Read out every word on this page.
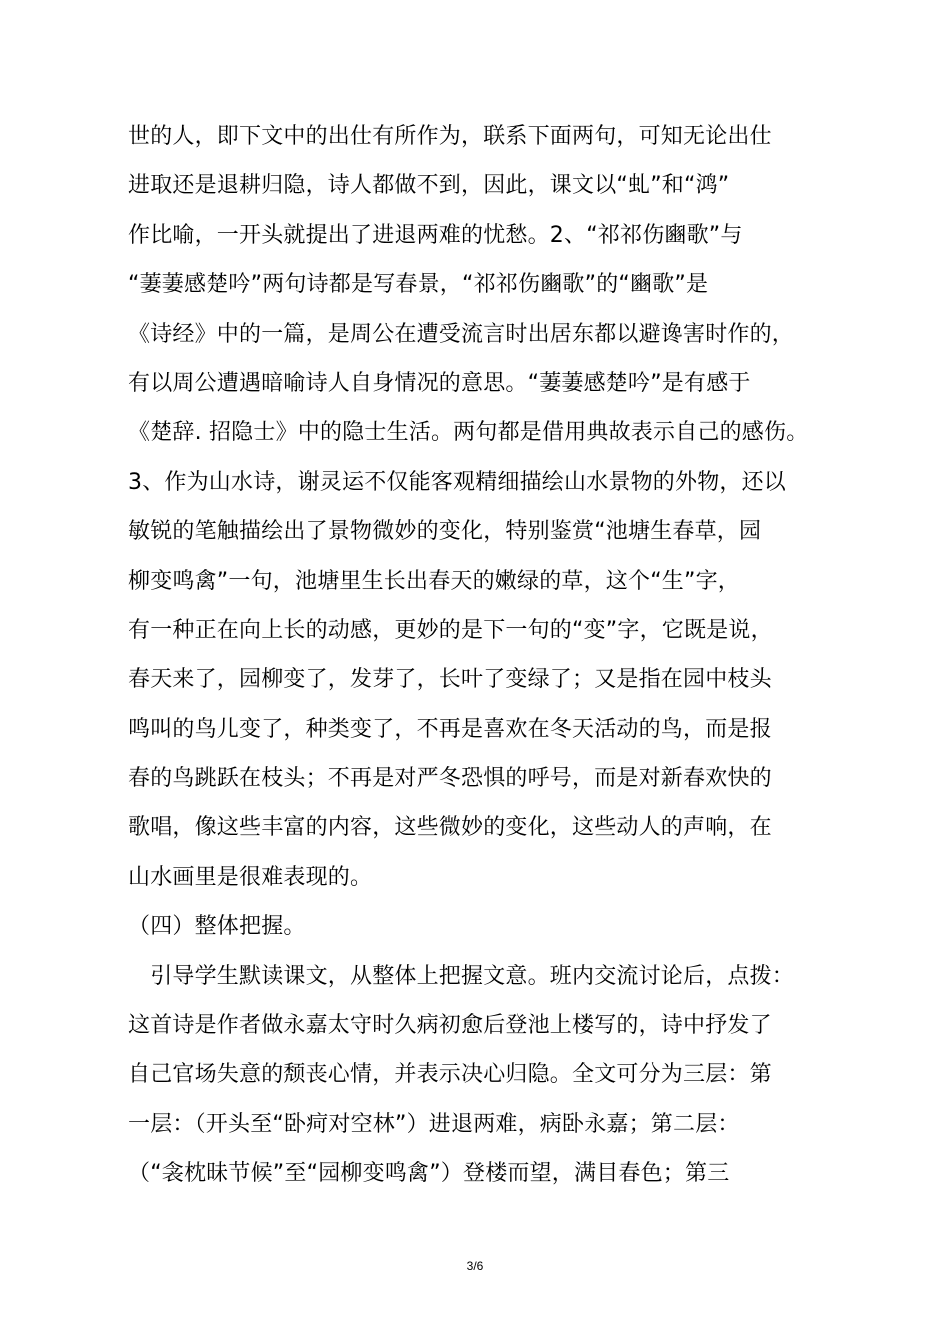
世的人，即下文中的出仕有所作为，联系下面两句，可知无论出仕
进取还是退耕归隐，诗人都做不到，因此，课文以“虬”和“鸿”
作比喻，一开头就提出了进退两难的忧愁。2、“祁祁伤豳歌”与
“萋萋感楚吟”两句诗都是写春景，“祁祁伤豳歌”的“豳歌”是
《诗经》中的一篇，是周公在遭受流言时出居东都以避谗害时作的，
有以周公遭遇暗喻诗人自身情况的意思。“萋萋感楚吟”是有感于
《楚辞. 招隐士》中的隐士生活。两句都是借用典故表示自己的感伤。
3、作为山水诗，谢灵运不仅能客观精细描绘山水景物的外物，还以
敏锐的笔触描绘出了景物微妙的变化，特别鉴赏“池塘生春草，园
柳变鸣禽”一句，池塘里生长出春天的嫩绿的草，这个“生”字，
有一种正在向上长的动感，更妙的是下一句的“变”字，它既是说，
春天来了，园柳变了，发芽了，长叶了变绿了；又是指在园中枝头
鸣叫的鸟儿变了，种类变了，不再是喜欢在冬天活动的鸟，而是报
春的鸟跳跃在枝头；不再是对严冬恐惧的呼号，而是对新春欢快的
歌唱，像这些丰富的内容，这些微妙的变化，这些动人的声响，在
山水画里是很难表现的。
（四）整体把握。
　引导学生默读课文，从整体上把握文意。班内交流讨论后，点拨：
这首诗是作者做永嘉太守时久病初愈后登池上楼写的，诗中抒发了
自己官场失意的颓丧心情，并表示决心归隐。全文可分为三层：第
一层：（开头至“卧疴对空林”）进退两难，病卧永嘉；第二层：
（“衾枕昧节候”至“园柳变鸣禽”）登楼而望，满目春色；第三
3/6
